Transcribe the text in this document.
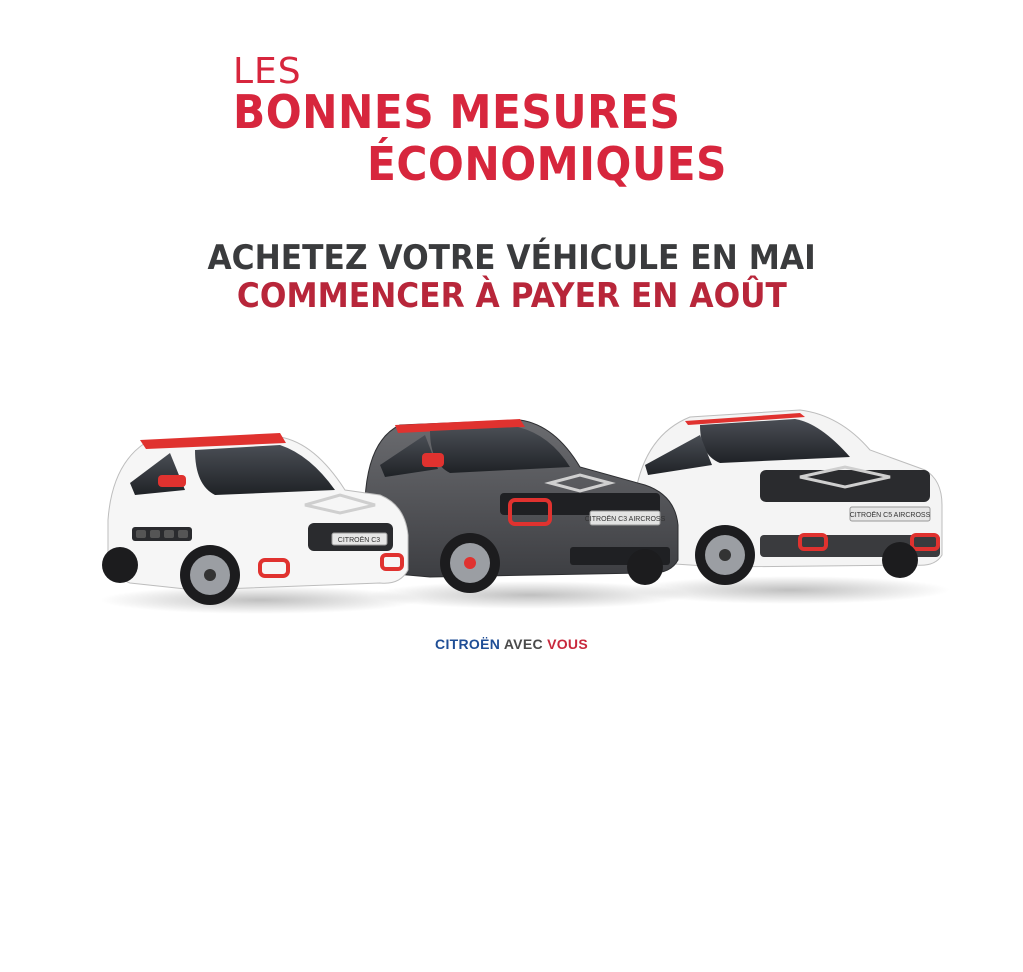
LES
BONNES MESURES
ÉCONOMIQUES
ACHETEZ VOTRE VÉHICULE EN MAI
COMMENCER À PAYER EN AOÛT
CITROËN C5 AIRCROSS
CITROËN C3 AIRCROSS
CITROËN C3
CITROËN AVEC VOUS
